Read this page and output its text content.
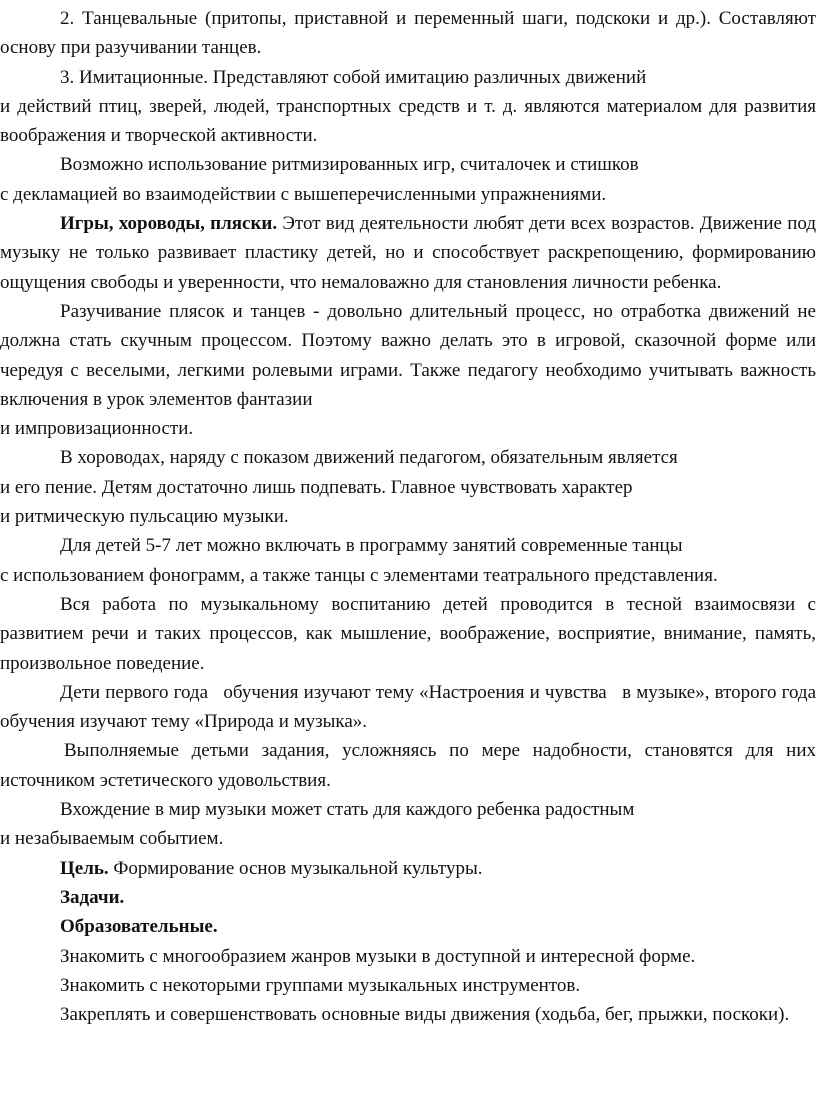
2. Танцевальные (притопы, приставной и переменный шаги, подскоки и др.). Составляют основу при разучивании танцев.

3. Имитационные. Представляют собой имитацию различных движений
и действий птиц, зверей, людей, транспортных средств и т. д. являются материалом для развития воображения и творческой активности.

Возможно использование ритмизированных игр, считалочек и стишков
с декламацией во взаимодействии с вышеперечисленными упражнениями.

Игры, хороводы, пляски. Этот вид деятельности любят дети всех возрастов. Движение под музыку не только развивает пластику детей, но и способствует раскрепощению, формированию ощущения свободы и уверенности, что немаловажно для становления личности ребенка.

Разучивание плясок и танцев - довольно длительный процесс, но отработка движений не должна стать скучным процессом. Поэтому важно делать это в игровой, сказочной форме или чередуя с веселыми, легкими ролевыми играми. Также педагогу необходимо учитывать важность включения в урок элементов фантазии
и импровизационности.

В хороводах, наряду с показом движений педагогом, обязательным является
и его пение. Детям достаточно лишь подпевать. Главное чувствовать характер
и ритмическую пульсацию музыки.

Для детей 5-7 лет можно включать в программу занятий современные танцы
с использованием фонограмм, а также танцы с элементами театрального представления.

Вся работа по музыкальному воспитанию детей проводится в тесной взаимосвязи с развитием речи и таких процессов, как мышление, воображение, восприятие, внимание, память, произвольное поведение.

Дети первого года   обучения изучают тему «Настроения и чувства   в музыке», второго года обучения изучают тему «Природа и музыка».

Выполняемые детьми задания, усложняясь по мере надобности, становятся для них источником эстетического удовольствия.

Вхождение в мир музыки может стать для каждого ребенка радостным
и незабываемым событием.

Цель. Формирование основ музыкальной культуры.

Задачи.

Образовательные.

Знакомить с многообразием жанров музыки в доступной и интересной форме.

Знакомить с некоторыми группами музыкальных инструментов.

Закреплять и совершенствовать основные виды движения (ходьба, бег, прыжки, поскоки).
